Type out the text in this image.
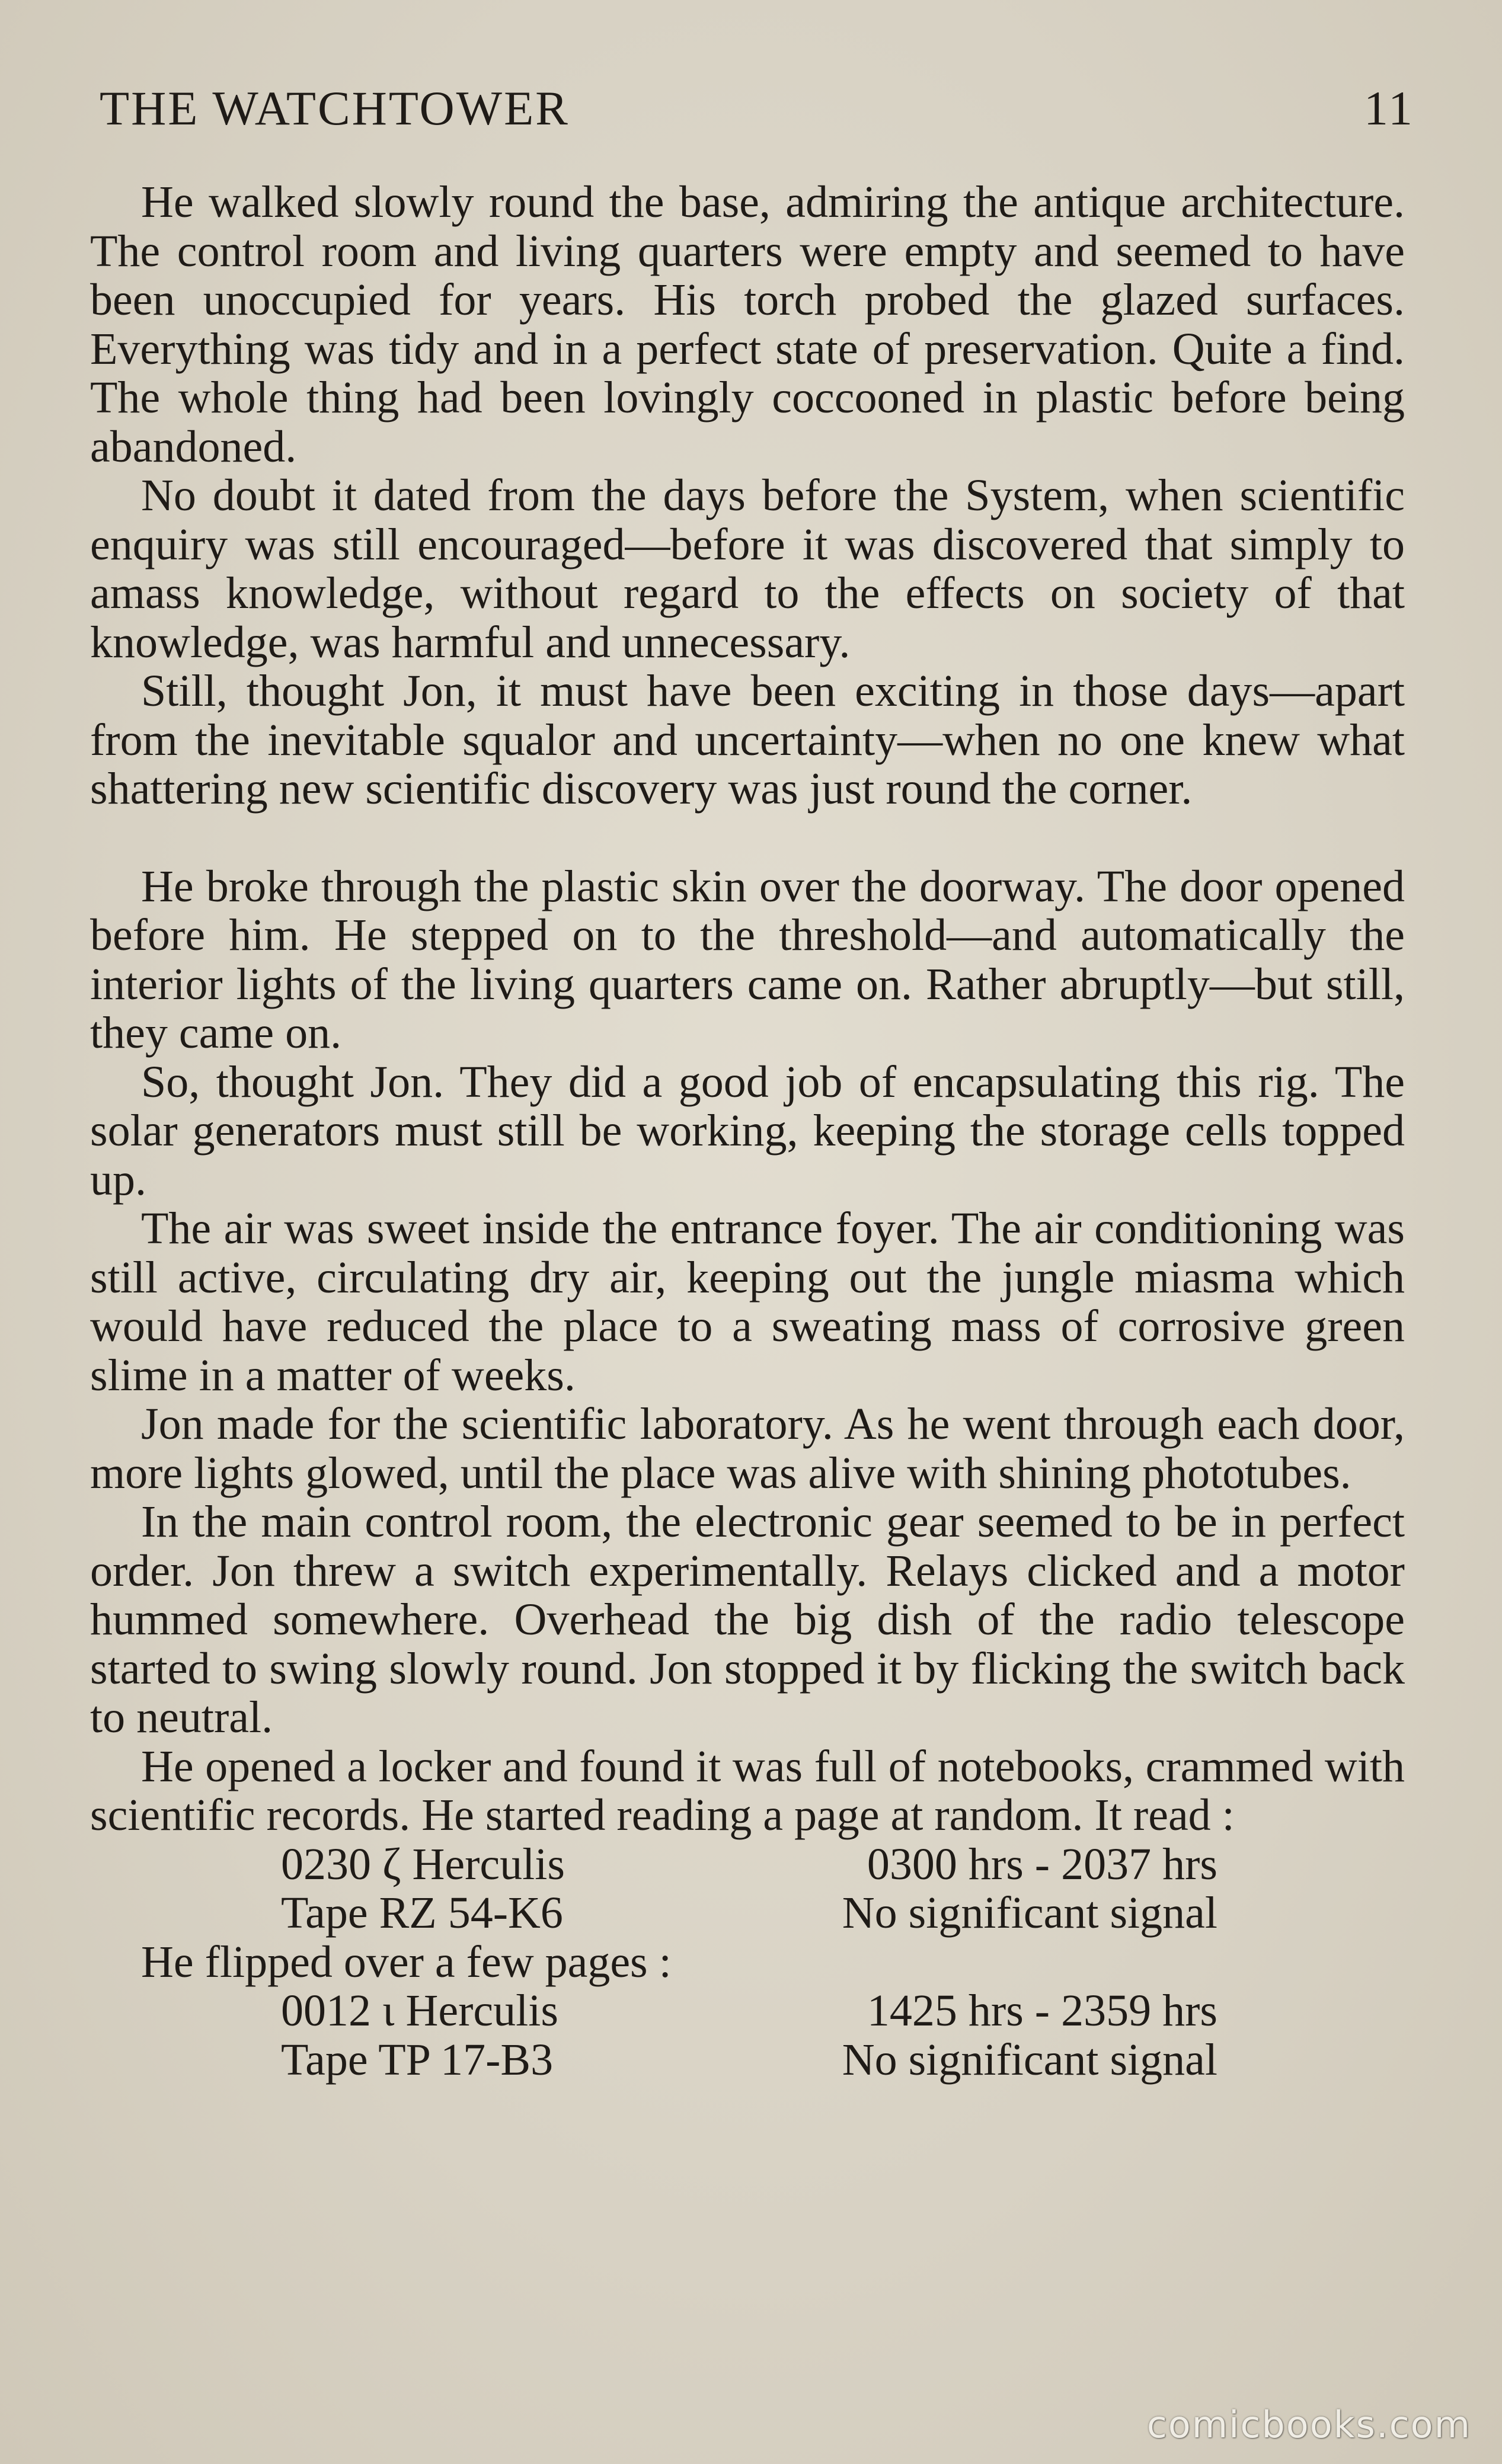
THE WATCHTOWER	11

He walked slowly round the base, admiring the antique architecture. The control room and living quarters were empty and seemed to have been unoccupied for years. His torch probed the glazed surfaces. Everything was tidy and in a perfect state of preservation. Quite a find. The whole thing had been lovingly coccooned in plastic before being abandoned.

No doubt it dated from the days before the System, when scientific enquiry was still encouraged—before it was discovered that simply to amass knowledge, without regard to the effects on society of that knowledge, was harmful and unnecessary.

Still, thought Jon, it must have been exciting in those days—apart from the inevitable squalor and uncertainty—when no one knew what shattering new scientific discovery was just round the corner.

He broke through the plastic skin over the doorway. The door opened before him. He stepped on to the threshold—and automatically the interior lights of the living quarters came on. Rather abruptly—but still, they came on.

So, thought Jon. They did a good job of encapsulating this rig. The solar generators must still be working, keeping the storage cells topped up.

The air was sweet inside the entrance foyer. The air conditioning was still active, circulating dry air, keeping out the jungle miasma which would have reduced the place to a sweating mass of corrosive green slime in a matter of weeks.

Jon made for the scientific laboratory. As he went through each door, more lights glowed, until the place was alive with shining phototubes.

In the main control room, the electronic gear seemed to be in perfect order. Jon threw a switch experimentally. Relays clicked and a motor hummed somewhere. Overhead the big dish of the radio telescope started to swing slowly round. Jon stopped it by flicking the switch back to neutral.

He opened a locker and found it was full of notebooks, crammed with scientific records. He started reading a page at random. It read :

0230 ζ Herculis	0300 hrs - 2037 hrs
Tape RZ 54-K6	No significant signal
He flipped over a few pages :
0012 ι Herculis	1425 hrs - 2359 hrs
Tape TP 17-B3	No significant signal
comicbooks.com
